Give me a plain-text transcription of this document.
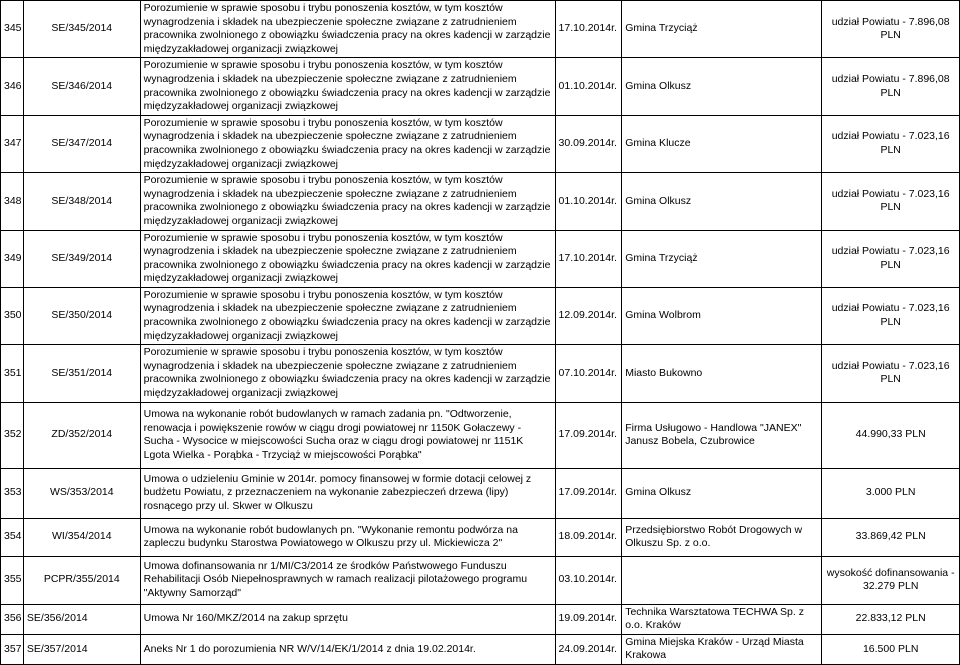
345	SE/345/2014	Porozumienie w sprawie sposobu i trybu ponoszenia kosztów, w tym kosztów wynagrodzenia i składek na ubezpieczenie społeczne związane z zatrudnieniem pracownika zwolnionego z obowiązku świadczenia pracy na okres kadencji w zarządzie międzyzakładowej organizacji związkowej	17.10.2014r.	Gmina Trzyciąż	udział Powiatu - 7.896,08 PLN
346	SE/346/2014	Porozumienie w sprawie sposobu i trybu ponoszenia kosztów, w tym kosztów wynagrodzenia i składek na ubezpieczenie społeczne związane z zatrudnieniem pracownika zwolnionego z obowiązku świadczenia pracy na okres kadencji w zarządzie międzyzakładowej organizacji związkowej	01.10.2014r.	Gmina Olkusz	udział Powiatu - 7.896,08 PLN
347	SE/347/2014	Porozumienie w sprawie sposobu i trybu ponoszenia kosztów, w tym kosztów wynagrodzenia i składek na ubezpieczenie społeczne związane z zatrudnieniem pracownika zwolnionego z obowiązku świadczenia pracy na okres kadencji w zarządzie międzyzakładowej organizacji związkowej	30.09.2014r.	Gmina Klucze	udział Powiatu - 7.023,16 PLN
348	SE/348/2014	Porozumienie w sprawie sposobu i trybu ponoszenia kosztów, w tym kosztów wynagrodzenia i składek na ubezpieczenie społeczne związane z zatrudnieniem pracownika zwolnionego z obowiązku świadczenia pracy na okres kadencji w zarządzie międzyzakładowej organizacji związkowej	01.10.2014r.	Gmina Olkusz	udział Powiatu - 7.023,16 PLN
349	SE/349/2014	Porozumienie w sprawie sposobu i trybu ponoszenia kosztów, w tym kosztów wynagrodzenia i składek na ubezpieczenie społeczne związane z zatrudnieniem pracownika zwolnionego z obowiązku świadczenia pracy na okres kadencji w zarządzie międzyzakładowej organizacji związkowej	17.10.2014r.	Gmina Trzyciąż	udział Powiatu - 7.023,16 PLN
350	SE/350/2014	Porozumienie w sprawie sposobu i trybu ponoszenia kosztów, w tym kosztów wynagrodzenia i składek na ubezpieczenie społeczne związane z zatrudnieniem pracownika zwolnionego z obowiązku świadczenia pracy na okres kadencji w zarządzie międzyzakładowej organizacji związkowej	12.09.2014r.	Gmina Wolbrom	udział Powiatu - 7.023,16 PLN
351	SE/351/2014	Porozumienie w sprawie sposobu i trybu ponoszenia kosztów, w tym kosztów wynagrodzenia i składek na ubezpieczenie społeczne związane z zatrudnieniem pracownika zwolnionego z obowiązku świadczenia pracy na okres kadencji w zarządzie międzyzakładowej organizacji związkowej	07.10.2014r.	Miasto Bukowno	udział Powiatu - 7.023,16 PLN
352	ZD/352/2014	Umowa na wykonanie robót budowlanych w ramach zadania pn. "Odtworzenie, renowacja i powiększenie rowów w ciągu drogi powiatowej nr 1150K Gołaczewy - Sucha - Wysocice w miejscowości Sucha oraz w ciągu drogi powiatowej nr 1151K Lgota Wielka - Porąbka - Trzyciąż w miejscowości Porąbka"	17.09.2014r.	Firma Usługowo - Handlowa "JANEX" Janusz Bobela, Czubrowice	44.990,33 PLN
353	WS/353/2014	Umowa o udzieleniu Gminie w 2014r. pomocy finansowej w formie dotacji celowej z budżetu Powiatu, z przeznaczeniem na wykonanie zabezpieczeń drzewa (lipy) rosnącego przy ul. Skwer w Olkuszu	17.09.2014r.	Gmina Olkusz	3.000 PLN
354	WI/354/2014	Umowa na wykonanie robót budowlanych pn. "Wykonanie remontu podwórza na zapleczu budynku Starostwa Powiatowego w Olkuszu przy ul. Mickiewicza 2"	18.09.2014r.	Przedsiębiorstwo Robót Drogowych w Olkuszu Sp. z o.o.	33.869,42 PLN
355	PCPR/355/2014	Umowa dofinansowania nr 1/MI/C3/2014 ze środków Państwowego Funduszu Rehabilitacji Osób Niepełnosprawnych w ramach realizacji pilotażowego programu "Aktywny Samorząd"	03.10.2014r.		wysokość dofinansowania - 32.279 PLN
356	SE/356/2014	Umowa Nr 160/MKZ/2014 na zakup sprzętu	19.09.2014r.	Technika Warsztatowa TECHWA Sp. z o.o. Kraków	22.833,12 PLN
357	SE/357/2014	Aneks Nr 1 do porozumienia NR W/V/14/EK/1/2014 z dnia 19.02.2014r.	24.09.2014r.	Gmina Miejska Kraków - Urząd Miasta Krakowa	16.500 PLN
